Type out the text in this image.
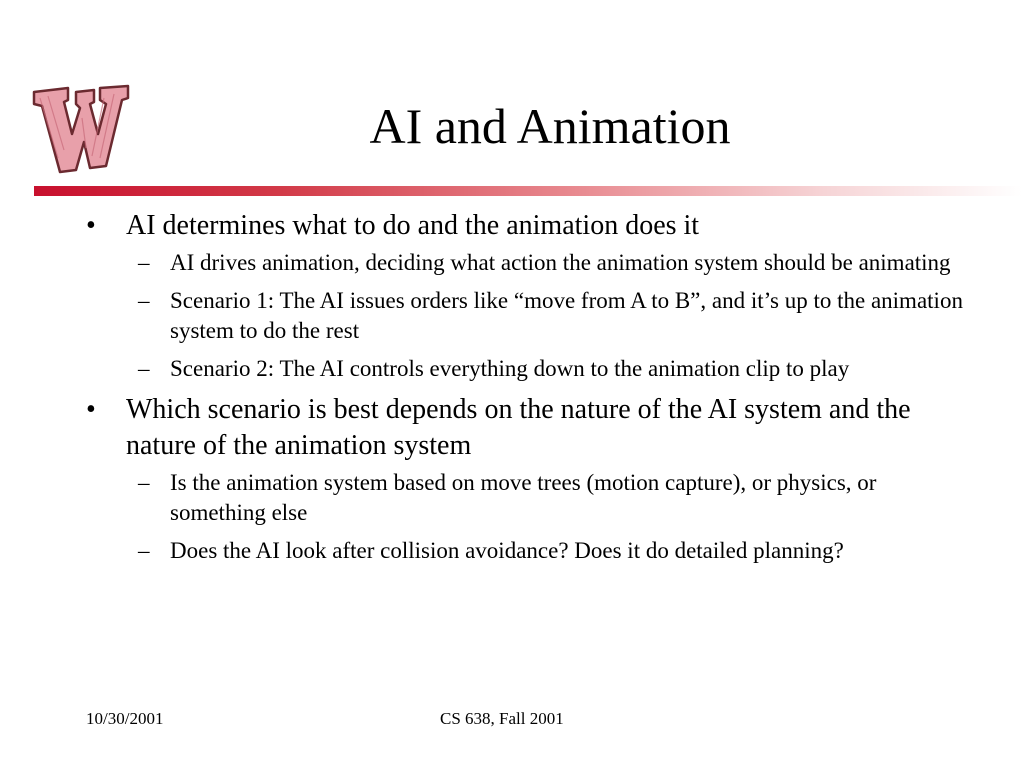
AI and Animation
• AI determines what to do and the animation does it
– AI drives animation, deciding what action the animation system should be animating
– Scenario 1: The AI issues orders like “move from A to B”, and it’s up to the animation system to do the rest
– Scenario 2: The AI controls everything down to the animation clip to play
• Which scenario is best depends on the nature of the AI system and the nature of the animation system
– Is the animation system based on move trees (motion capture), or physics, or something else
– Does the AI look after collision avoidance? Does it do detailed planning?
10/30/2001	CS 638, Fall 2001
